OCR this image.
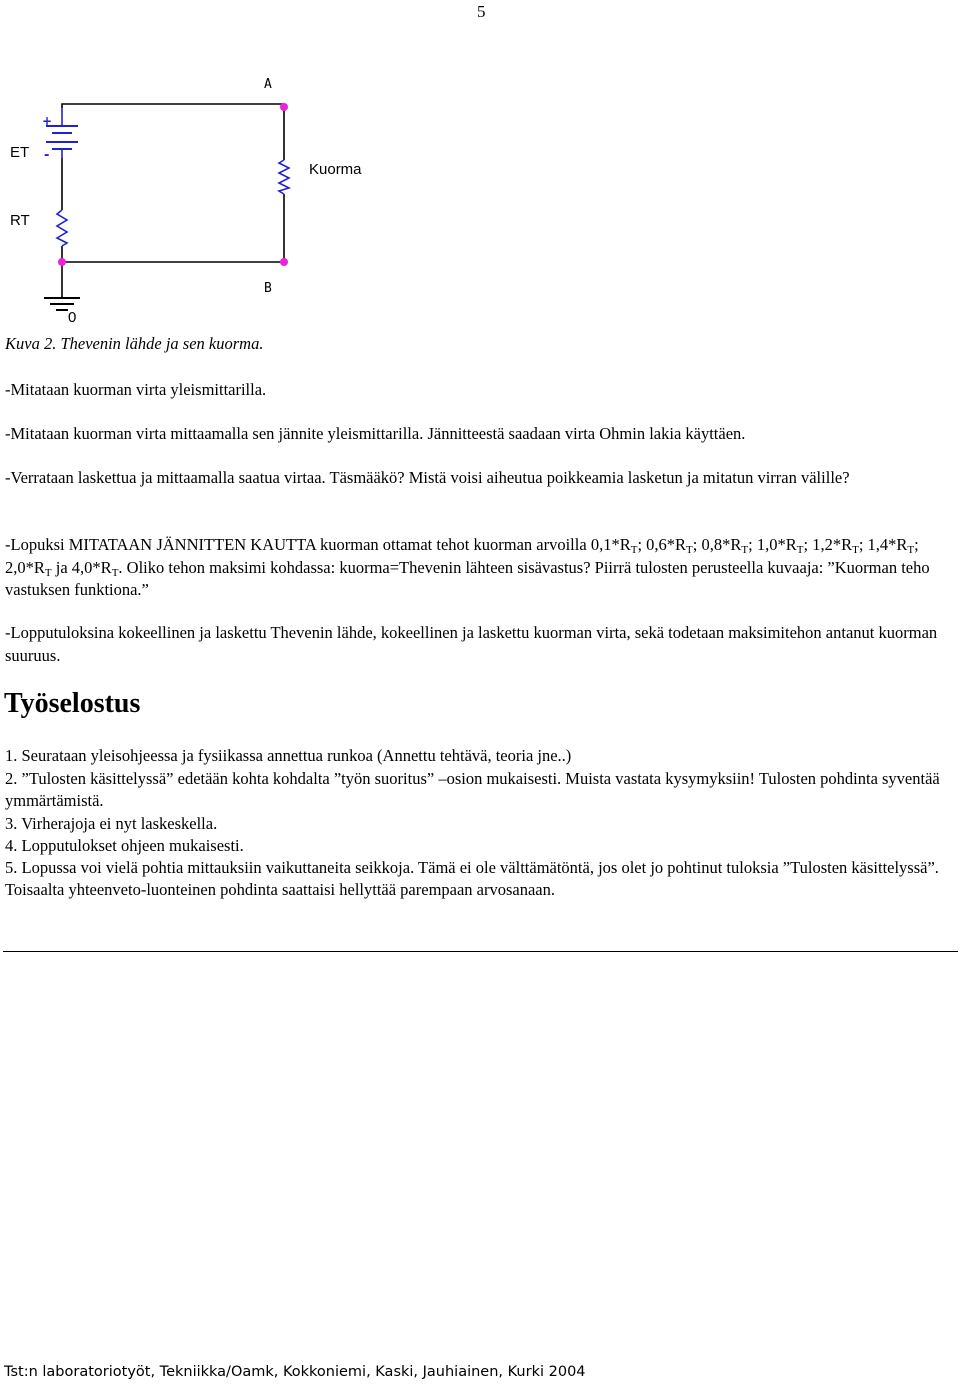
5
A
B
ET
RT
Kuorma
0
+
-
Kuva 2. Thevenin lähde ja sen kuorma.
-Mitataan kuorman virta yleismittarilla.
-Mitataan kuorman virta mittaamalla sen jännite yleismittarilla. Jännitteestä saadaan virta Ohmin lakia käyttäen.
-Verrataan laskettua ja mittaamalla saatua virtaa. Täsmääkö? Mistä voisi aiheutua poikkeamia lasketun ja mitatun virran välille?
-Lopuksi MITATAAN JÄNNITTEN KAUTTA kuorman ottamat tehot kuorman arvoilla $0,1*R_T$; $0,6*R_T$; $0,8*R_T$; $1,0*R_T$; $1,2*R_T$; $1,4*R_T$; $2,0*R_T$ ja $4,0*R_T$. Oliko tehon maksimi kohdassa: kuorma=Thevenin lähteen sisävastus? Piirrä tulosten perusteella kuvaaja: ”Kuorman teho vastuksen funktiona.”
-Lopputuloksina kokeellinen ja laskettu Thevenin lähde, kokeellinen ja laskettu kuorman virta, sekä todetaan maksimitehon antanut kuorman suuruus.
Työselostus
1. Seurataan yleisohjeessa ja fysiikassa annettua runkoa (Annettu tehtävä, teoria jne..)
2. ”Tulosten käsittelyssä” edetään kohta kohdalta ”työn suoritus” –osion mukaisesti. Muista vastata kysymyksiin! Tulosten pohdinta syventää ymmärtämistä.
3. Virherajoja ei nyt laskeskella.
4. Lopputulokset ohjeen mukaisesti.
5. Lopussa voi vielä pohtia mittauksiin vaikuttaneita seikkoja. Tämä ei ole välttämätöntä, jos olet jo pohtinut tuloksia ”Tulosten käsittelyssä”. Toisaalta yhteenveto-luonteinen pohdinta saattaisi hellyttää parempaan arvosanaan.
Tst:n laboratoriotyöt, Tekniikka/Oamk, Kokkoniemi, Kaski, Jauhiainen, Kurki 2004
